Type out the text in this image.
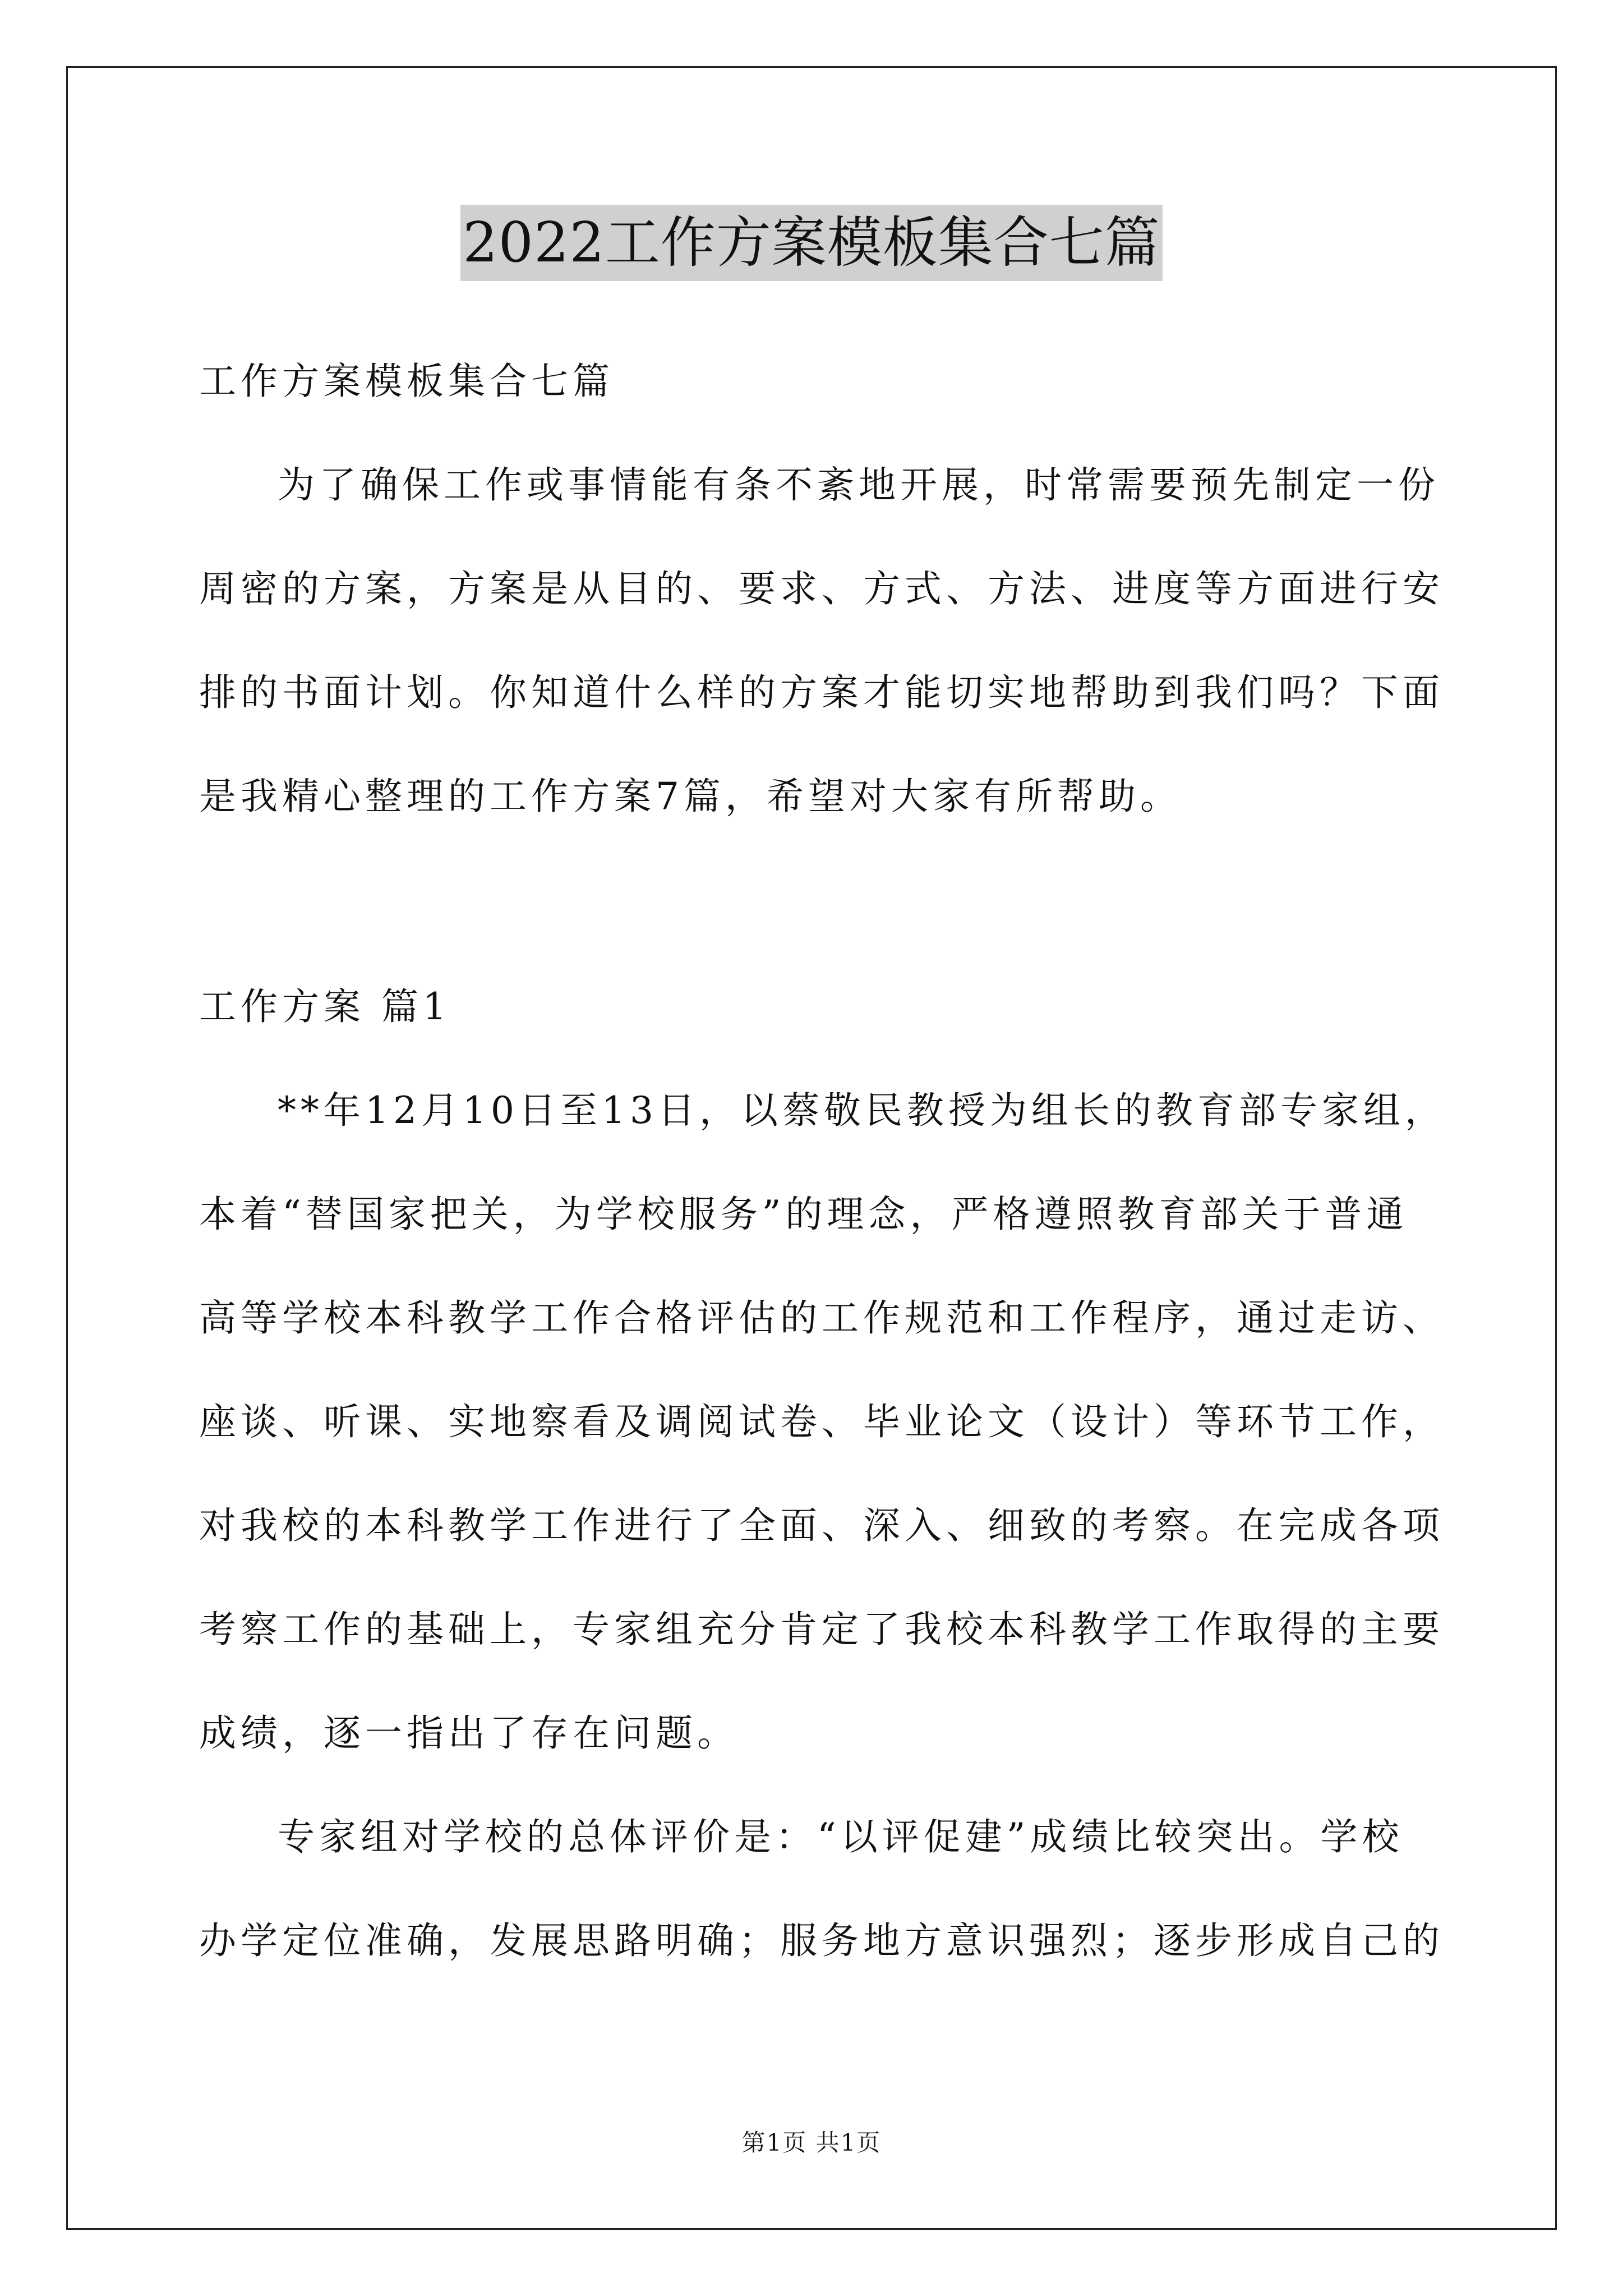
2022工作方案模板集合七篇
工作方案模板集合七篇
为了确保工作或事情能有条不紊地开展，时常需要预先制定一份
周密的方案，方案是从目的、要求、方式、方法、进度等方面进行安
排的书面计划。你知道什么样的方案才能切实地帮助到我们吗？下面
是我精心整理的工作方案7篇，希望对大家有所帮助。
工作方案 篇1
**年12月10日至13日，以蔡敬民教授为组长的教育部专家组，
本着“替国家把关，为学校服务”的理念，严格遵照教育部关于普通
高等学校本科教学工作合格评估的工作规范和工作程序，通过走访、
座谈、听课、实地察看及调阅试卷、毕业论文（设计）等环节工作，
对我校的本科教学工作进行了全面、深入、细致的考察。在完成各项
考察工作的基础上，专家组充分肯定了我校本科教学工作取得的主要
成绩，逐一指出了存在问题。
专家组对学校的总体评价是：“以评促建”成绩比较突出。学校
办学定位准确，发展思路明确；服务地方意识强烈；逐步形成自己的
第1页 共1页
